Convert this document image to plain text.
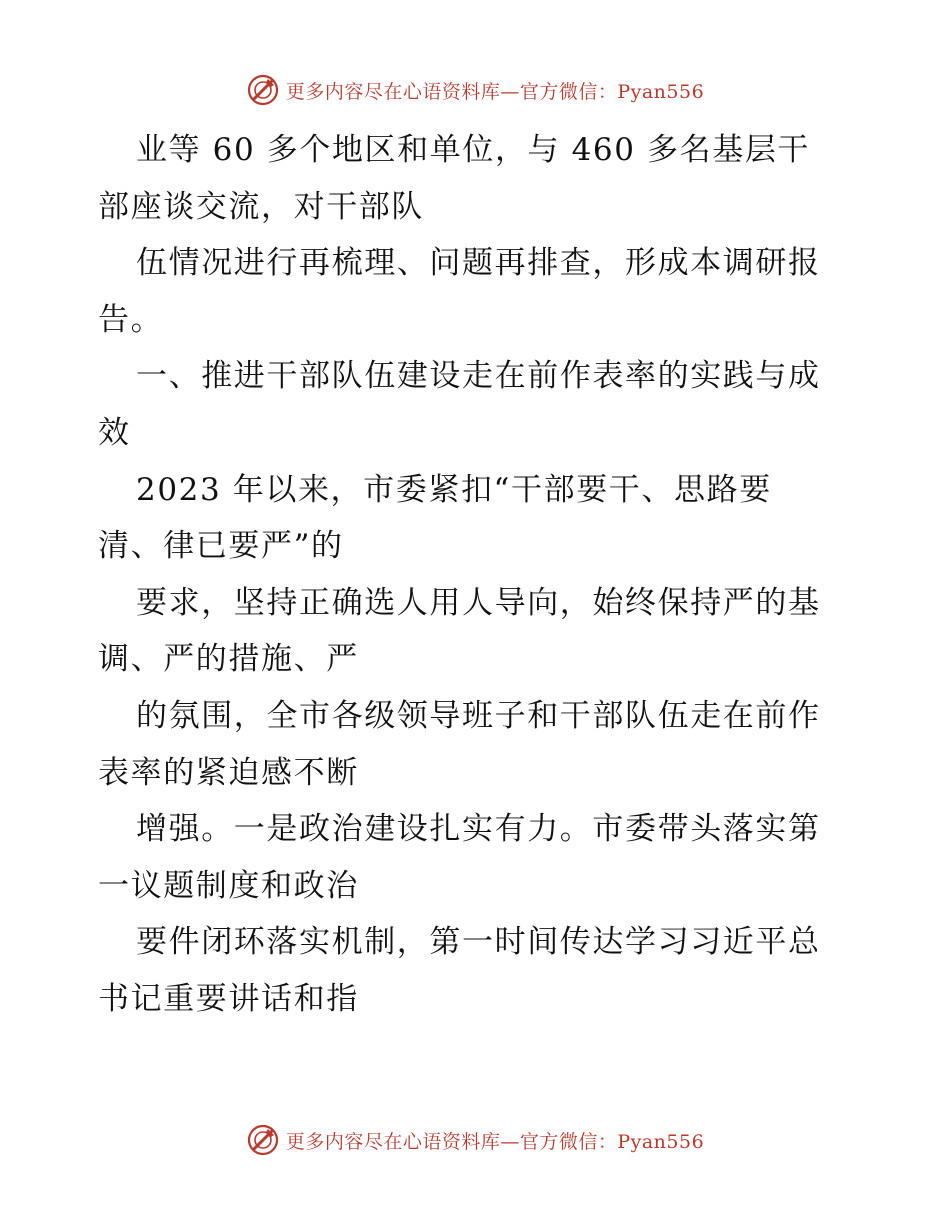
更多内容尽在心语资料库—官方微信：Pyan556
业等 60 多个地区和单位，与 460 多名基层干
部座谈交流，对干部队
伍情况进行再梳理、问题再排查，形成本调研报
告。
一、推进干部队伍建设走在前作表率的实践与成
效
2023 年以来，市委紧扣“干部要干、思路要
清、律已要严”的
要求，坚持正确选人用人导向，始终保持严的基
调、严的措施、严
的氛围，全市各级领导班子和干部队伍走在前作
表率的紧迫感不断
增强。一是政治建设扎实有力。市委带头落实第
一议题制度和政治
要件闭环落实机制，第一时间传达学习习近平总
书记重要讲话和指
更多内容尽在心语资料库—官方微信：Pyan556
